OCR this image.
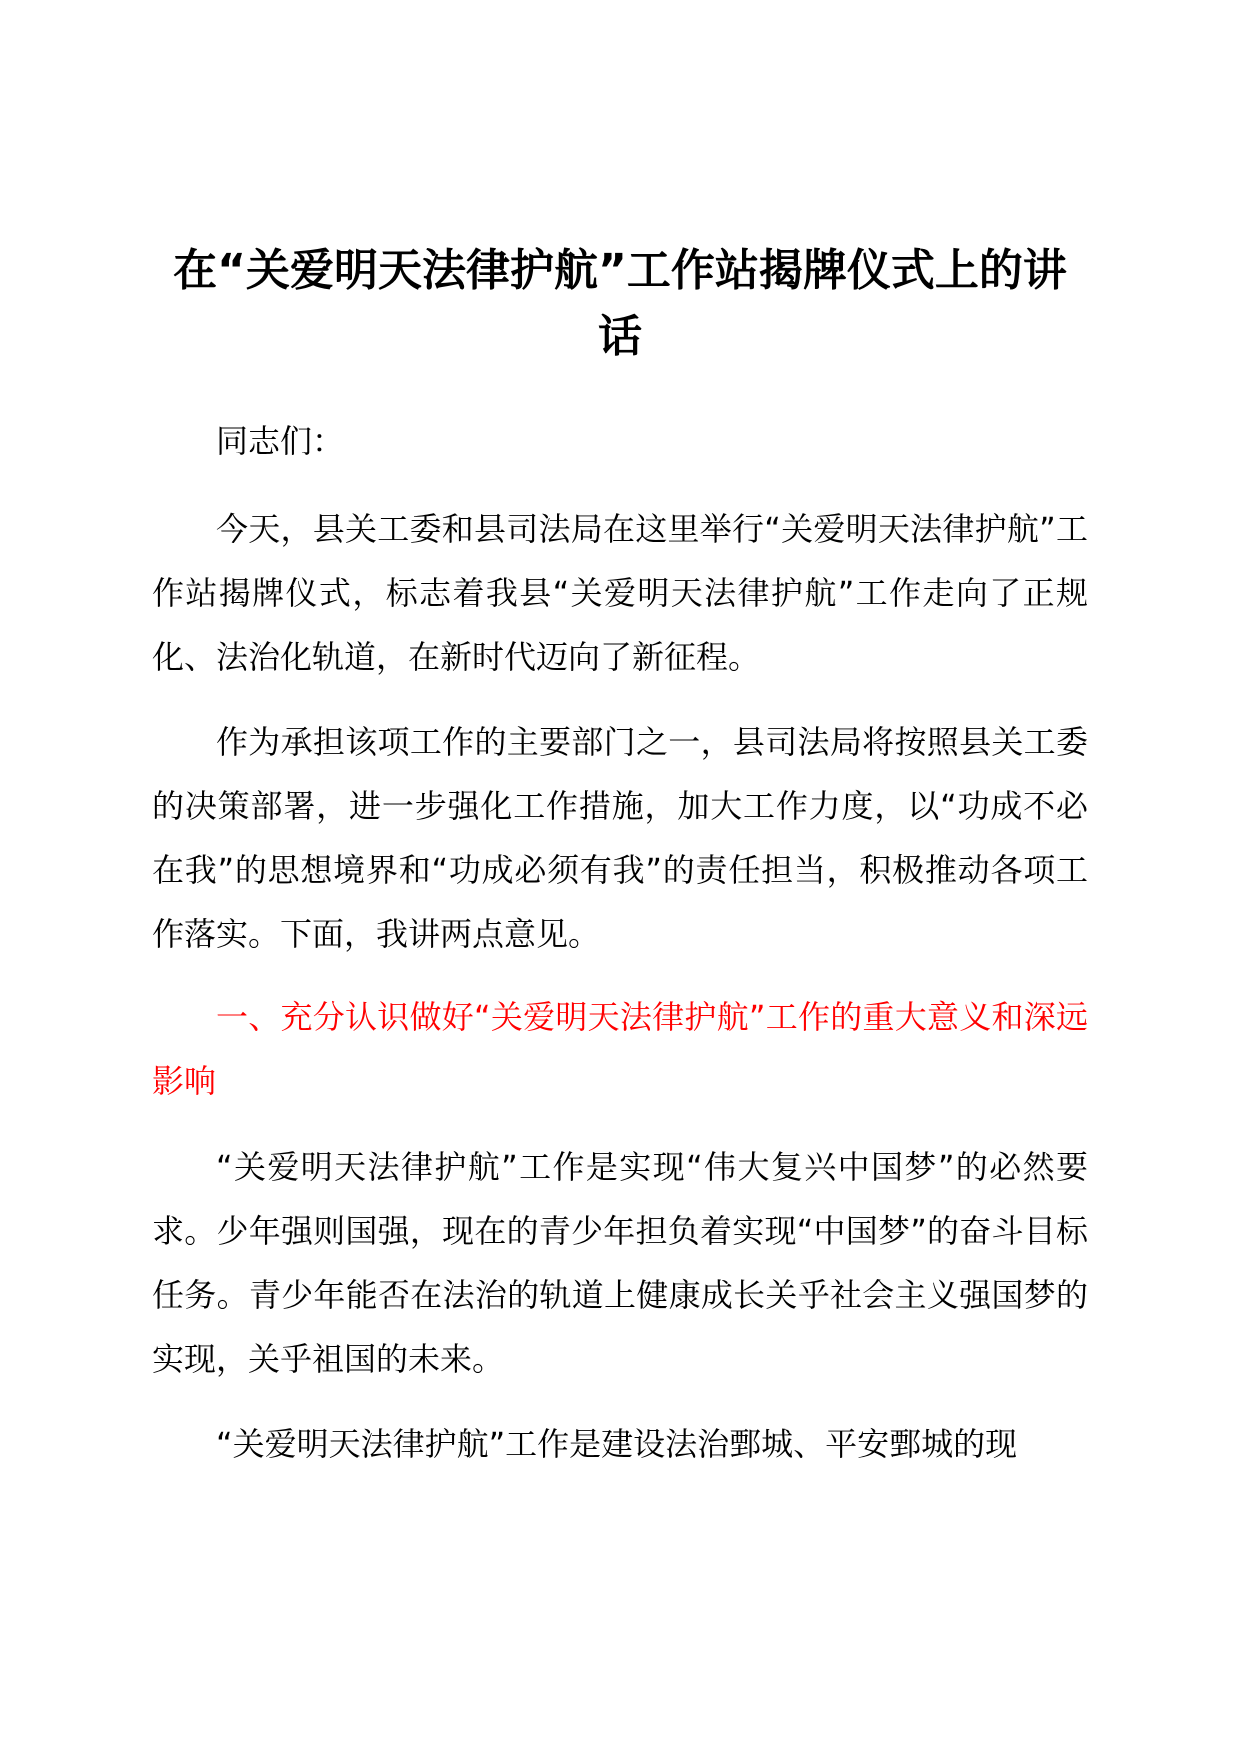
在“关爱明天法律护航”工作站揭牌仪式上的讲话

同志们：

今天，县关工委和县司法局在这里举行“关爱明天法律护航”工作站揭牌仪式，标志着我县“关爱明天法律护航”工作走向了正规化、法治化轨道，在新时代迈向了新征程。

作为承担该项工作的主要部门之一，县司法局将按照县关工委的决策部署，进一步强化工作措施，加大工作力度，以“功成不必在我”的思想境界和“功成必须有我”的责任担当，积极推动各项工作落实。下面，我讲两点意见。

一、充分认识做好“关爱明天法律护航”工作的重大意义和深远影响

“关爱明天法律护航”工作是实现“伟大复兴中国梦”的必然要求。少年强则国强，现在的青少年担负着实现“中国梦”的奋斗目标任务。青少年能否在法治的轨道上健康成长关乎社会主义强国梦的实现，关乎祖国的未来。

“关爱明天法律护航”工作是建设法治鄄城、平安鄄城的现
